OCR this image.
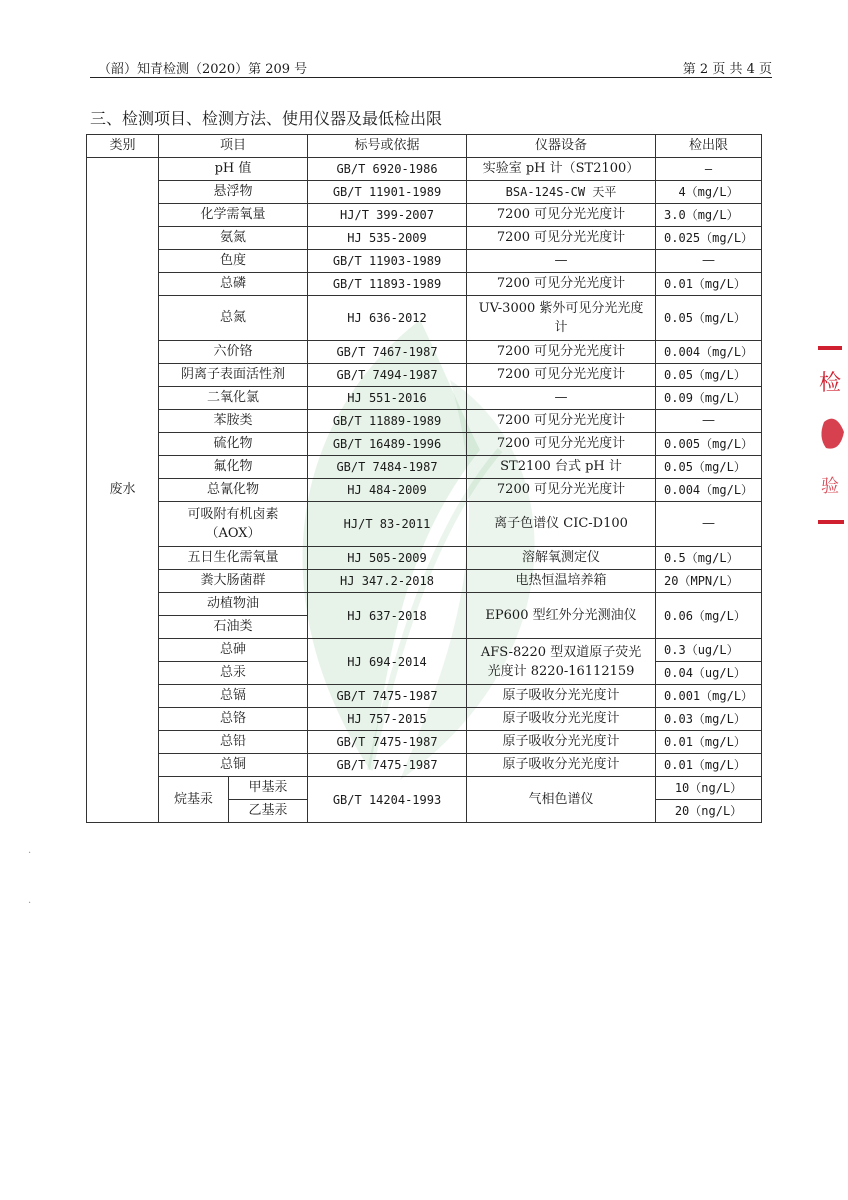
（韶）知青检测（2020）第 209 号	第 2 页 共 4 页
三、检测项目、检测方法、使用仪器及最低检出限
类别	项目		标号或依据	仪器设备	检出限
废水	pH 值		GB/T 6920-1986	实验室 pH 计（ST2100）	—
	悬浮物		GB/T 11901-1989	BSA-124S-CW 天平	4（mg/L）
	化学需氧量		HJ/T 399-2007	7200 可见分光光度计	3.0（mg/L）
	氨氮		HJ 535-2009	7200 可见分光光度计	0.025（mg/L）
	色度		GB/T 11903-1989	—	—
	总磷		GB/T 11893-1989	7200 可见分光光度计	0.01（mg/L）
	总氮		HJ 636-2012	UV-3000 紫外可见分光光度计	0.05（mg/L）
	六价铬		GB/T 7467-1987	7200 可见分光光度计	0.004（mg/L）
	阴离子表面活性剂		GB/T 7494-1987	7200 可见分光光度计	0.05（mg/L）
	二氧化氯		HJ 551-2016	—	0.09（mg/L）
	苯胺类		GB/T 11889-1989	7200 可见分光光度计	—
	硫化物		GB/T 16489-1996	7200 可见分光光度计	0.005（mg/L）
	氟化物		GB/T 7484-1987	ST2100 台式 pH 计	0.05（mg/L）
	总氰化物		HJ 484-2009	7200 可见分光光度计	0.004（mg/L）
	可吸附有机卤素（AOX）		HJ/T 83-2011	离子色谱仪 CIC-D100	—
	五日生化需氧量		HJ 505-2009	溶解氧测定仪	0.5（mg/L）
	粪大肠菌群		HJ 347.2-2018	电热恒温培养箱	20（MPN/L）
	动植物油		HJ 637-2018	EP600 型红外分光测油仪	0.06（mg/L）
	石油类				
	总砷		HJ 694-2014	AFS-8220 型双道原子荧光光度计 8220-16112159	0.3（ug/L）
	总汞				0.04（ug/L）
	总镉		GB/T 7475-1987	原子吸收分光光度计	0.001（mg/L）
	总铬		HJ 757-2015	原子吸收分光光度计	0.03（mg/L）
	总铅		GB/T 7475-1987	原子吸收分光光度计	0.01（mg/L）
	总铜		GB/T 7475-1987	原子吸收分光光度计	0.01（mg/L）
	烷基汞	甲基汞	GB/T 14204-1993	气相色谱仪	10（ng/L）
		乙基汞			20（ng/L）
检
验
·
·
